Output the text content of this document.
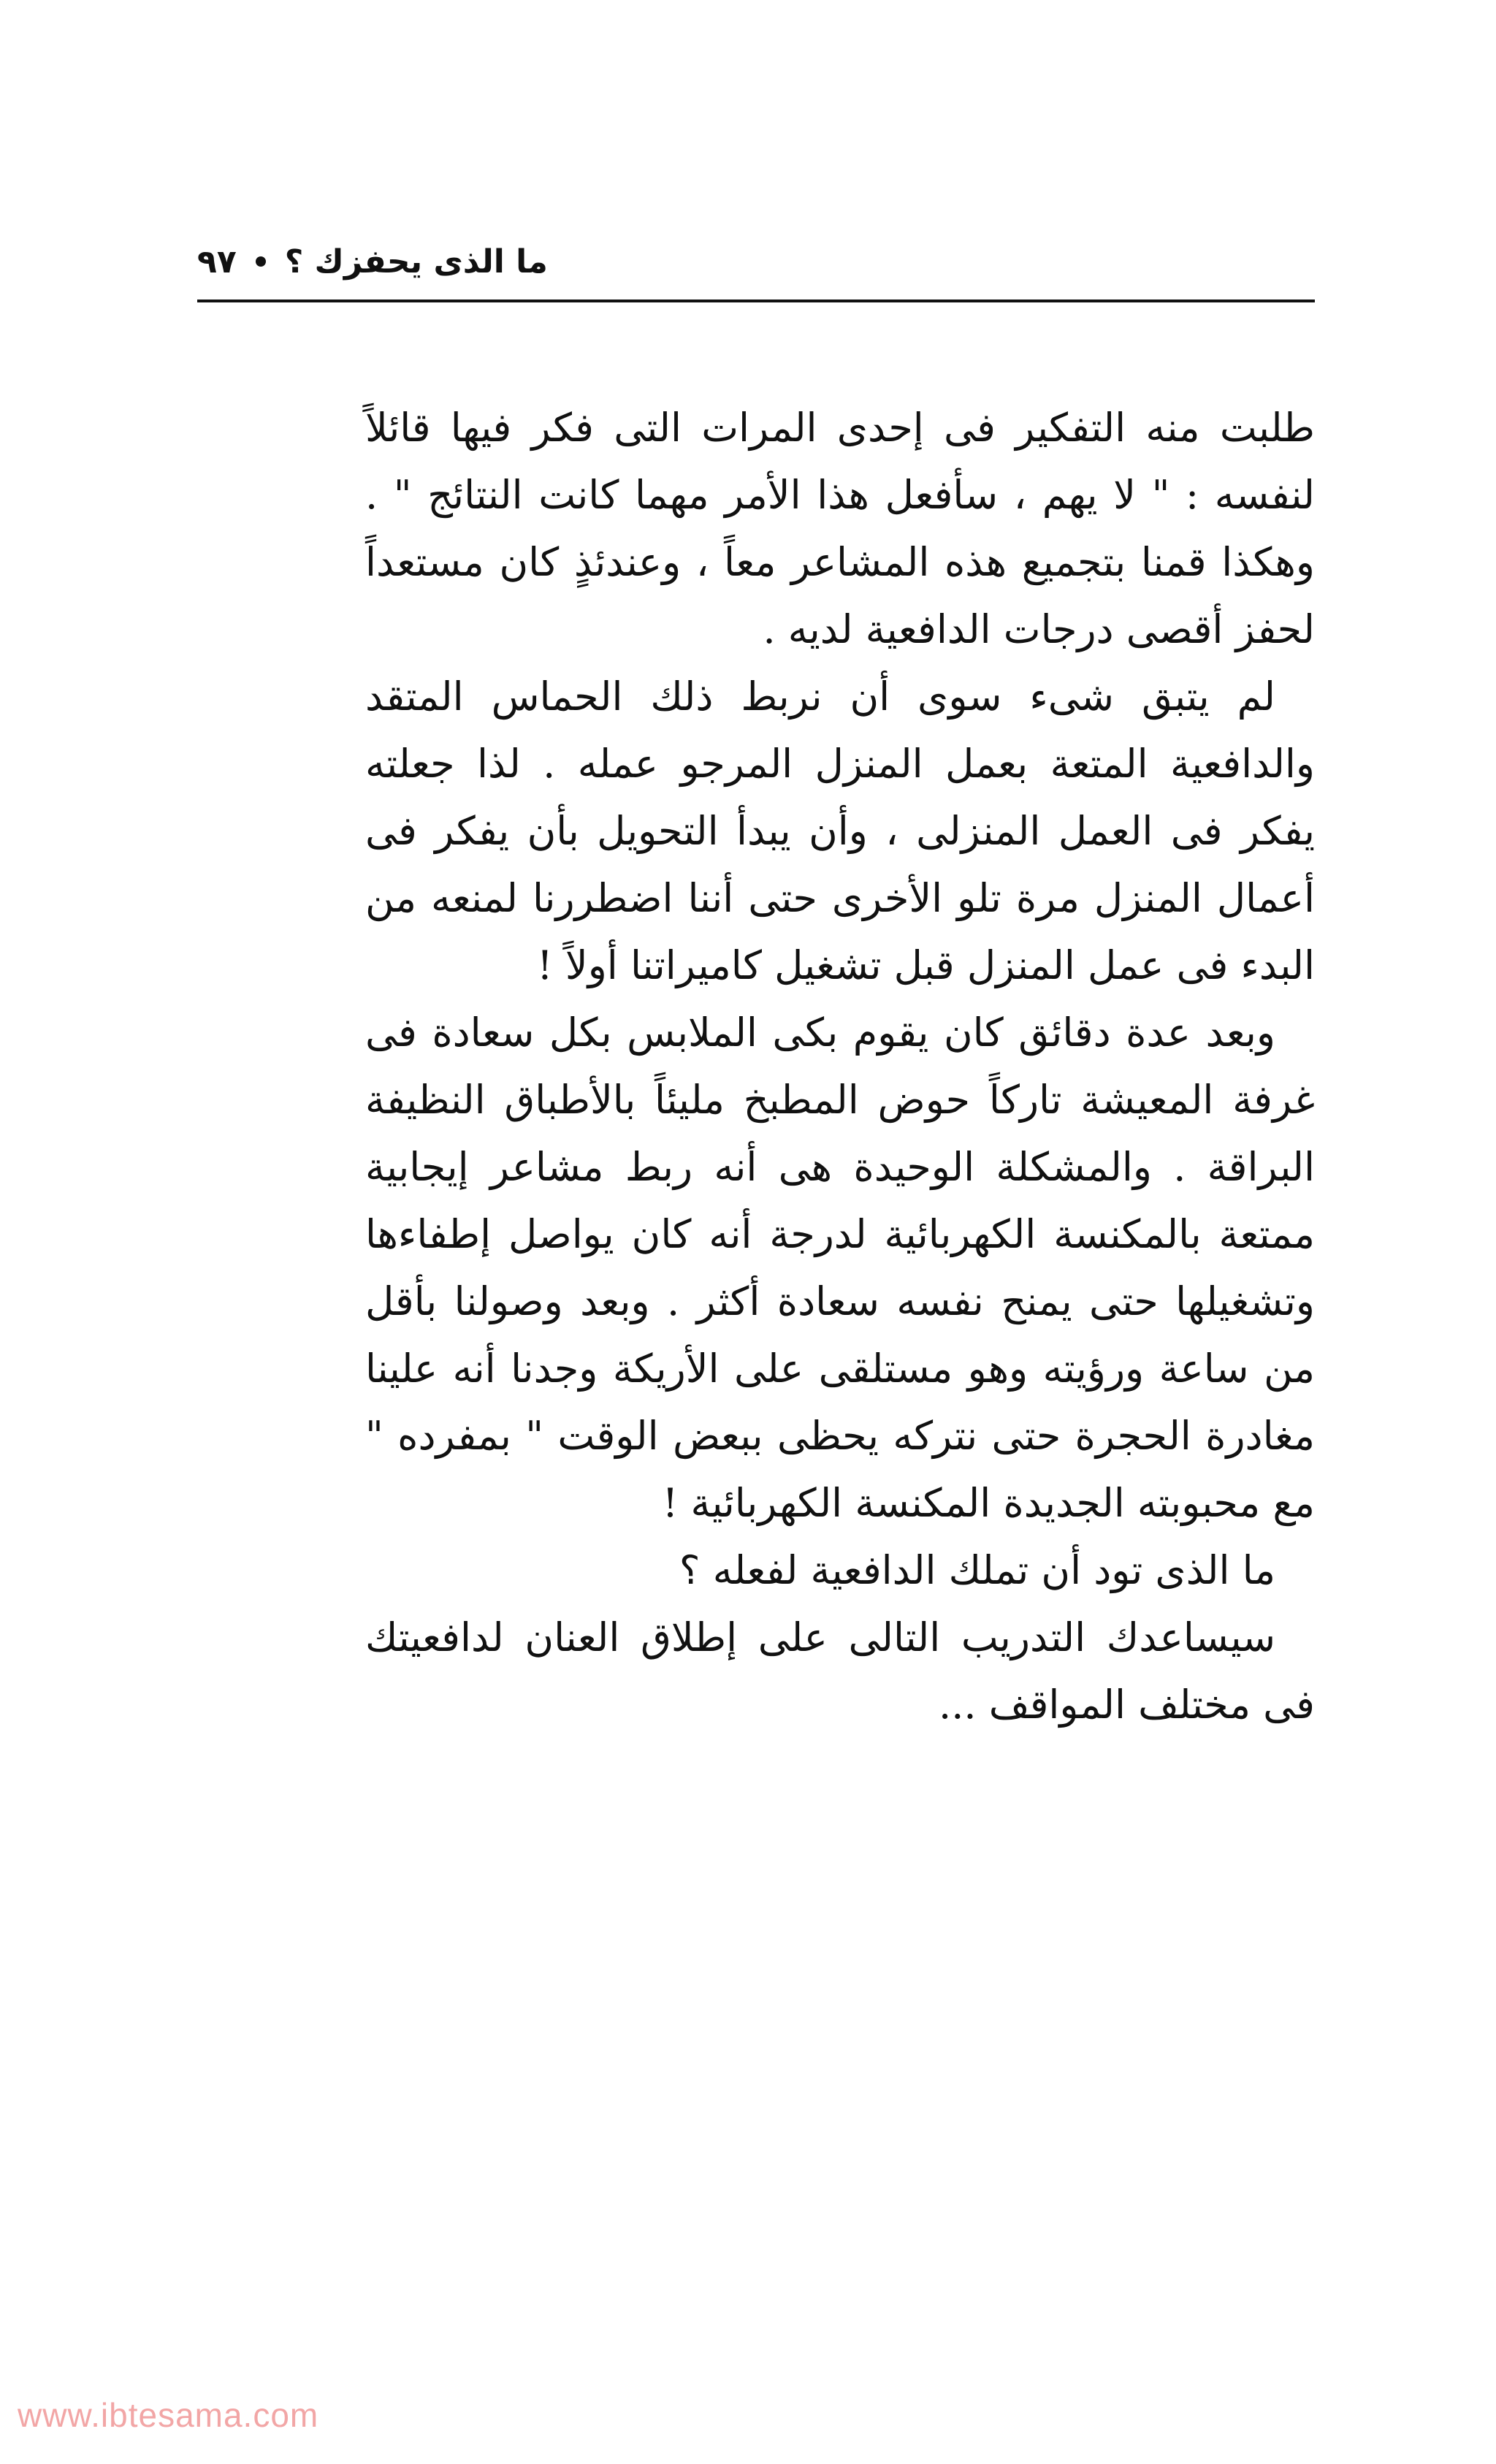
ما الذى يحفزك ؟
٩٧

طلبت منه التفكير فى إحدى المرات التى فكر فيها قائلاً لنفسه : " لا يهم ، سأفعل هذا الأمر مهما كانت النتائج " . وهكذا قمنا بتجميع هذه المشاعر معاً ، وعندئذٍ كان مستعداً لحفز أقصى درجات الدافعية لديه .

لم يتبق شىء سوى أن نربط ذلك الحماس المتقد والدافعية المتعة بعمل المنزل المرجو عمله . لذا جعلته يفكر فى العمل المنزلى ، وأن يبدأ التحويل بأن يفكر فى أعمال المنزل مرة تلو الأخرى حتى أننا اضطررنا لمنعه من البدء فى عمل المنزل قبل تشغيل كاميراتنا أولاً !

وبعد عدة دقائق كان يقوم بكى الملابس بكل سعادة فى غرفة المعيشة تاركاً حوض المطبخ مليئاً بالأطباق النظيفة البراقة . والمشكلة الوحيدة هى أنه ربط مشاعر إيجابية ممتعة بالمكنسة الكهربائية لدرجة أنه كان يواصل إطفاءها وتشغيلها حتى يمنح نفسه سعادة أكثر . وبعد وصولنا بأقل من ساعة ورؤيته وهو مستلقى على الأريكة وجدنا أنه علينا مغادرة الحجرة حتى نتركه يحظى ببعض الوقت " بمفرده " مع محبوبته الجديدة المكنسة الكهربائية !

ما الذى تود أن تملك الدافعية لفعله ؟

سيساعدك التدريب التالى على إطلاق العنان لدافعيتك فى مختلف المواقف ...

www.ibtesama.com
